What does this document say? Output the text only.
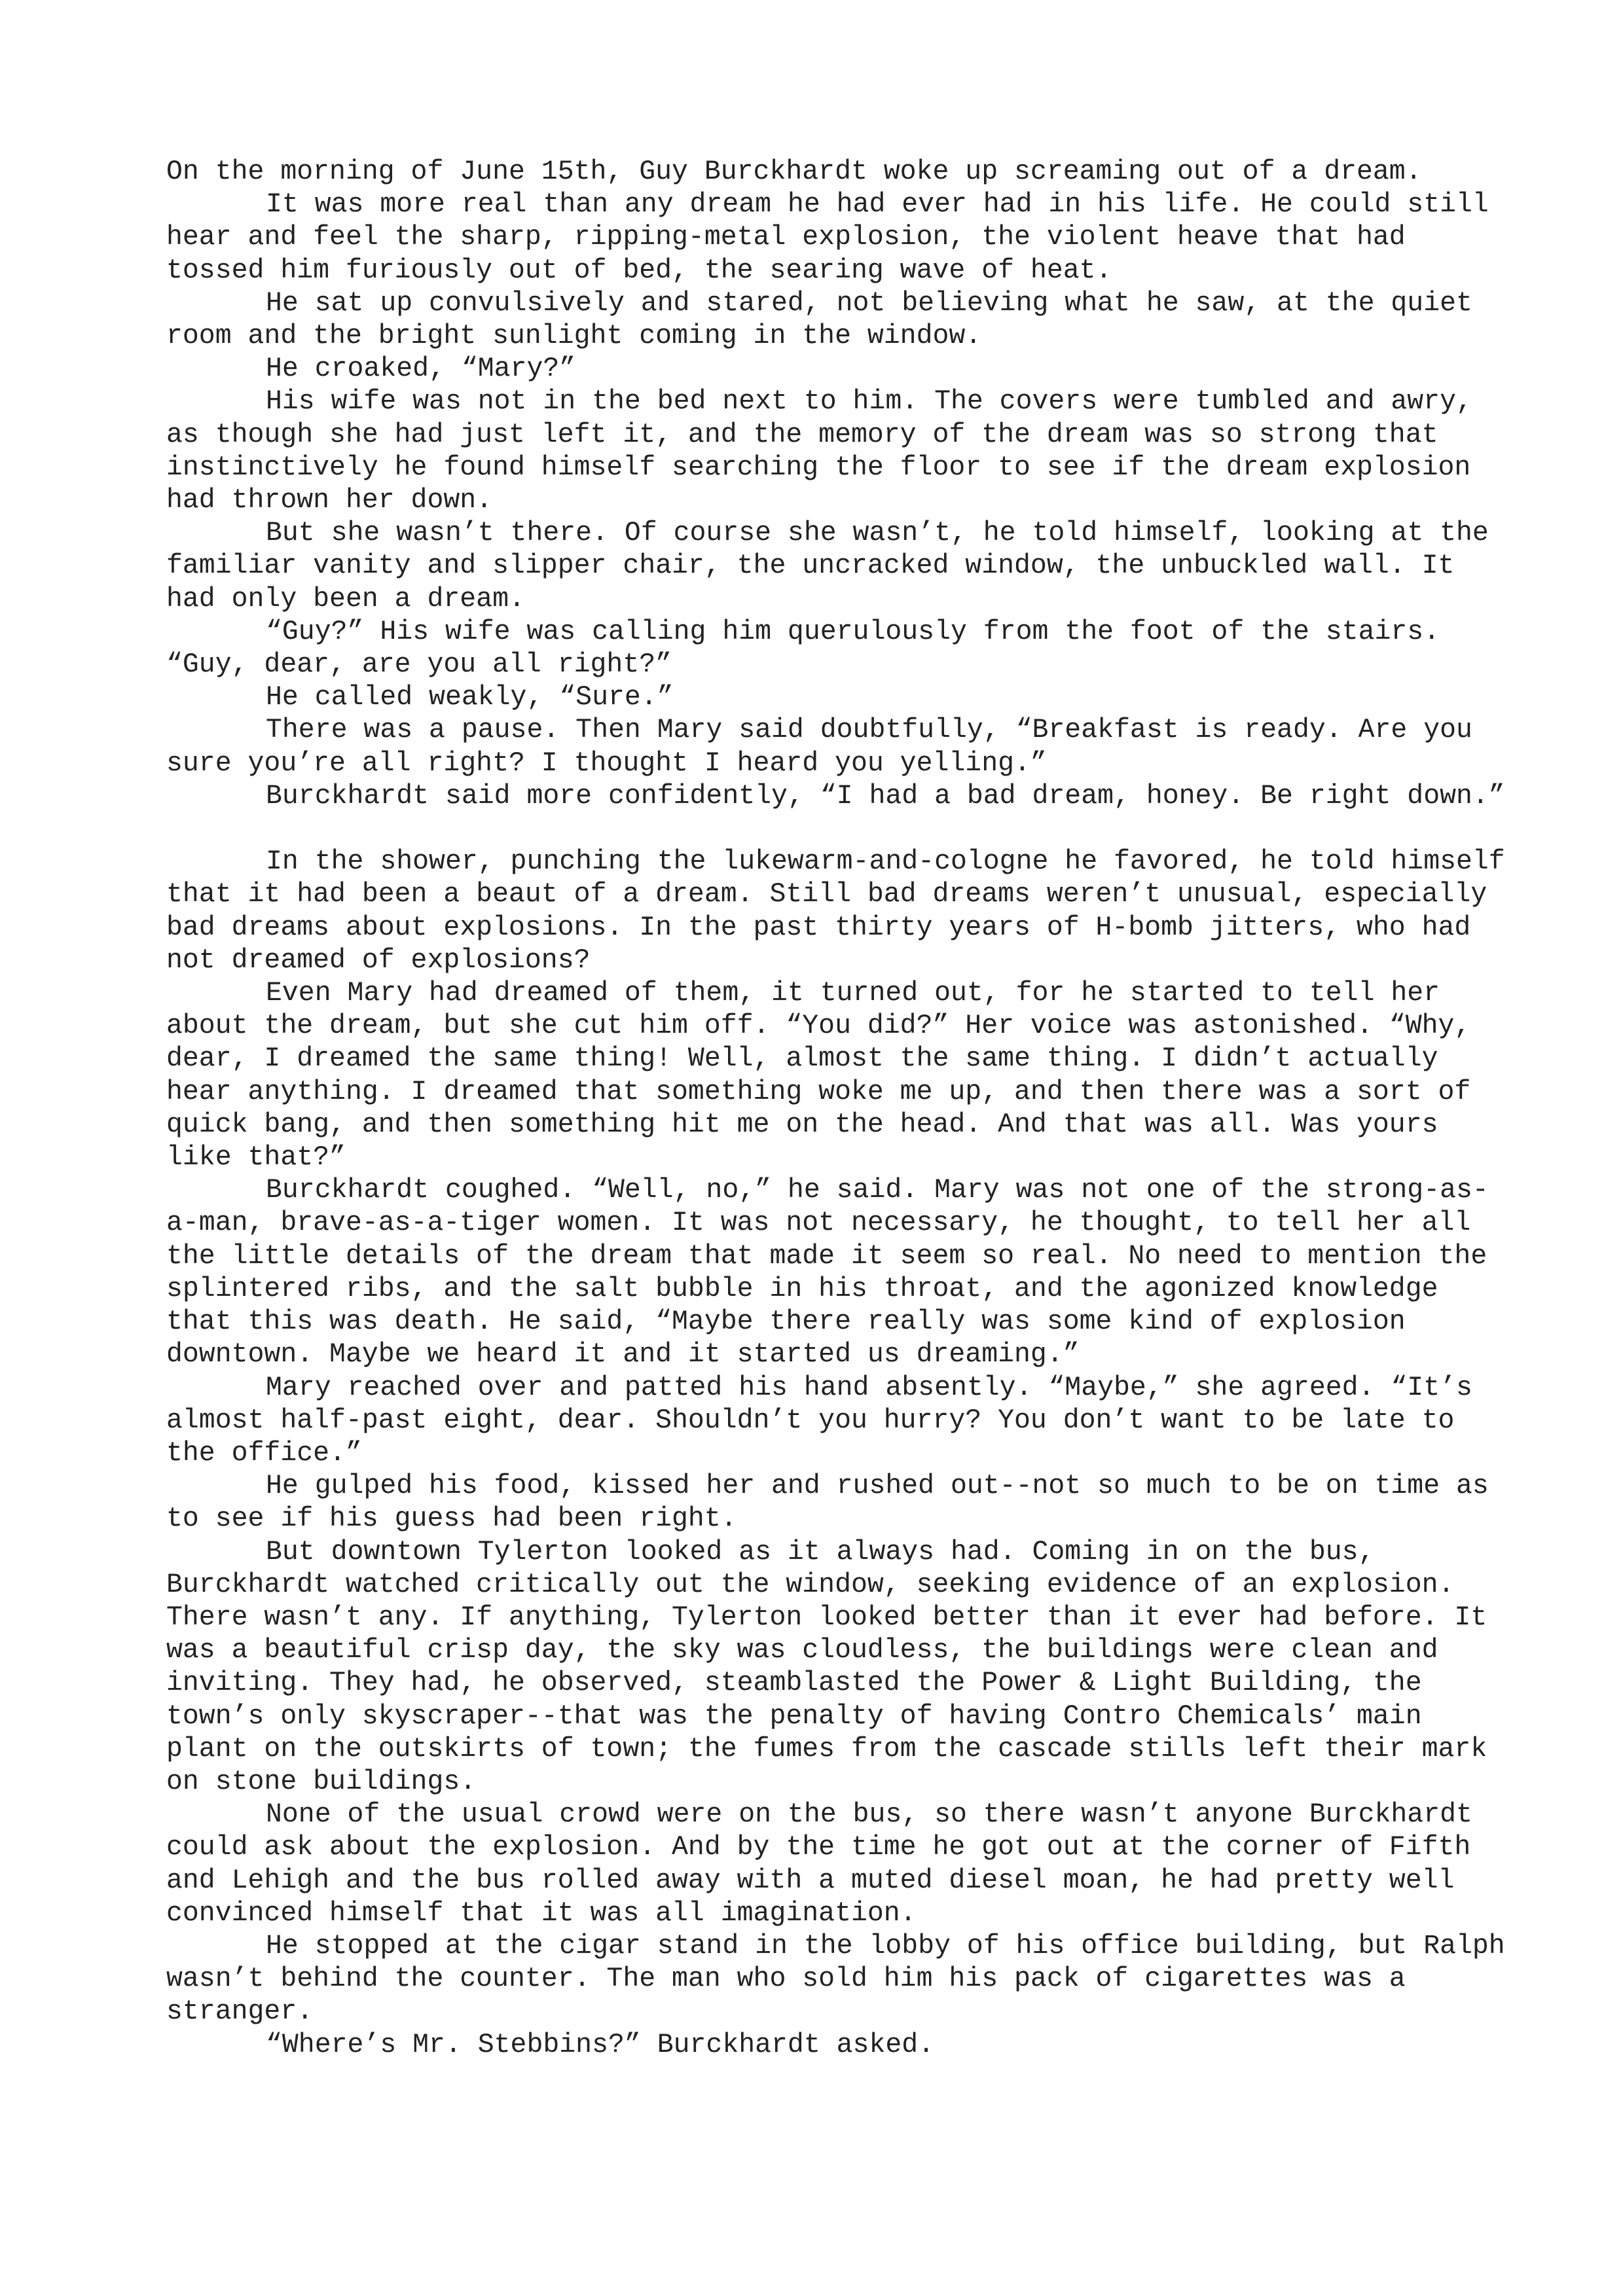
On the morning of June 15th, Guy Burckhardt woke up screaming out of a dream.

It was more real than any dream he had ever had in his life. He could still hear and feel the sharp, ripping-metal explosion, the violent heave that had tossed him furiously out of bed, the searing wave of heat.

He sat up convulsively and stared, not believing what he saw, at the quiet room and the bright sunlight coming in the window.

He croaked, “Mary?”

His wife was not in the bed next to him. The covers were tumbled and awry, as though she had just left it, and the memory of the dream was so strong that instinctively he found himself searching the floor to see if the dream explosion had thrown her down.

But she wasn’t there. Of course she wasn’t, he told himself, looking at the familiar vanity and slipper chair, the uncracked window, the unbuckled wall. It had only been a dream.

“Guy?” His wife was calling him querulously from the foot of the stairs. “Guy, dear, are you all right?”

He called weakly, “Sure.”

There was a pause. Then Mary said doubtfully, “Breakfast is ready. Are you sure you’re all right? I thought I heard you yelling.”

Burckhardt said more confidently, “I had a bad dream, honey. Be right down.”

In the shower, punching the lukewarm-and-cologne he favored, he told himself that it had been a beaut of a dream. Still bad dreams weren’t unusual, especially bad dreams about explosions. In the past thirty years of H-bomb jitters, who had not dreamed of explosions?

Even Mary had dreamed of them, it turned out, for he started to tell her about the dream, but she cut him off. “You did?” Her voice was astonished. “Why, dear, I dreamed the same thing! Well, almost the same thing. I didn’t actually hear anything. I dreamed that something woke me up, and then there was a sort of quick bang, and then something hit me on the head. And that was all. Was yours like that?”

Burckhardt coughed. “Well, no,” he said. Mary was not one of the strong-as-a-man, brave-as-a-tiger women. It was not necessary, he thought, to tell her all the little details of the dream that made it seem so real. No need to mention the splintered ribs, and the salt bubble in his throat, and the agonized knowledge that this was death. He said, “Maybe there really was some kind of explosion downtown. Maybe we heard it and it started us dreaming.”

Mary reached over and patted his hand absently. “Maybe,” she agreed. “It’s almost half-past eight, dear. Shouldn’t you hurry? You don’t want to be late to the office.”

He gulped his food, kissed her and rushed out--not so much to be on time as to see if his guess had been right.

But downtown Tylerton looked as it always had. Coming in on the bus, Burckhardt watched critically out the window, seeking evidence of an explosion. There wasn’t any. If anything, Tylerton looked better than it ever had before. It was a beautiful crisp day, the sky was cloudless, the buildings were clean and inviting. They had, he observed, steamblasted the Power & Light Building, the town’s only skyscraper--that was the penalty of having Contro Chemicals’ main plant on the outskirts of town; the fumes from the cascade stills left their mark on stone buildings.

None of the usual crowd were on the bus, so there wasn’t anyone Burckhardt could ask about the explosion. And by the time he got out at the corner of Fifth and Lehigh and the bus rolled away with a muted diesel moan, he had pretty well convinced himself that it was all imagination.

He stopped at the cigar stand in the lobby of his office building, but Ralph wasn’t behind the counter. The man who sold him his pack of cigarettes was a stranger.

“Where’s Mr. Stebbins?” Burckhardt asked.
